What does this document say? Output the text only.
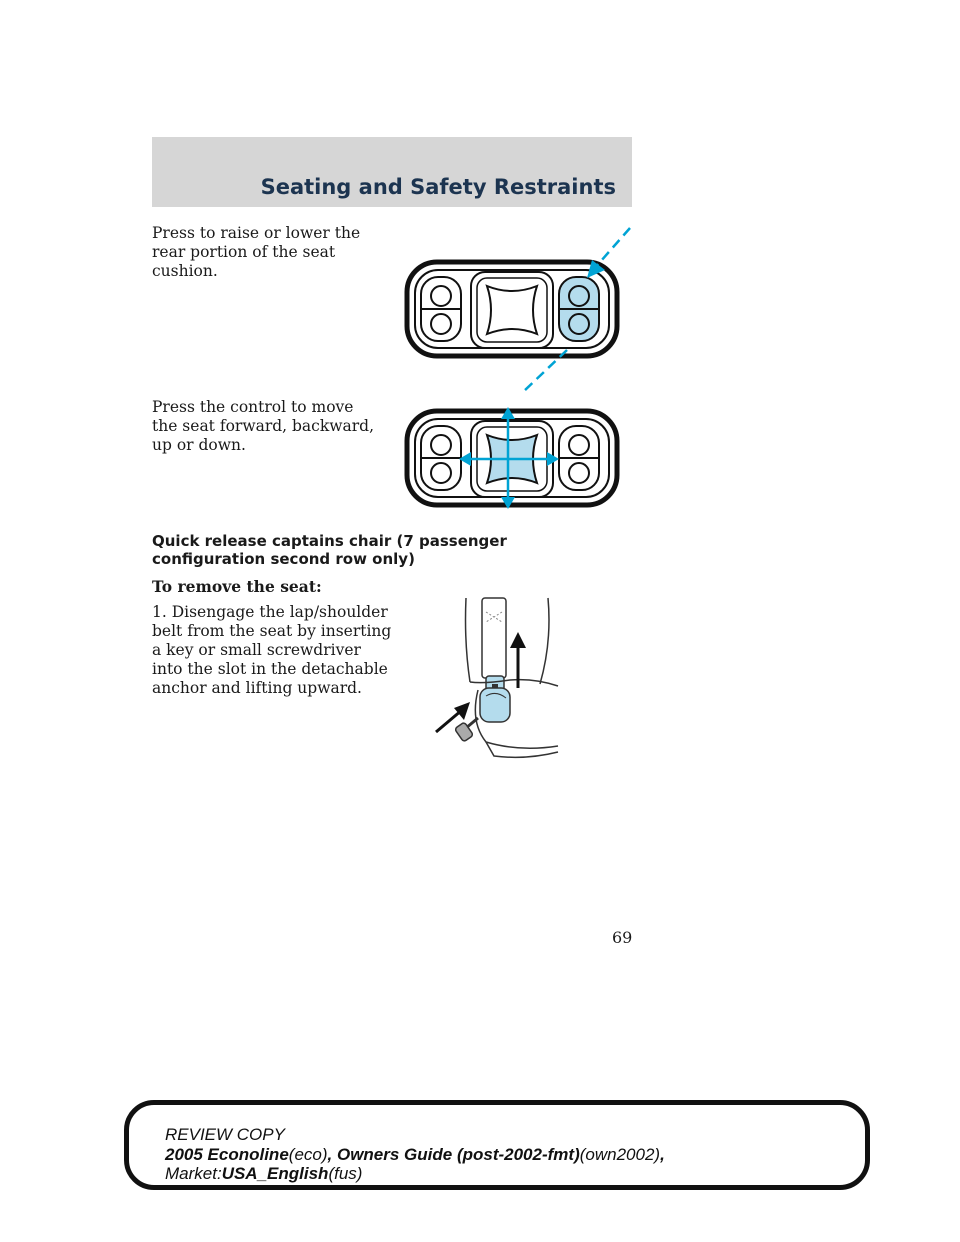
Seating and Safety Restraints
Press to raise or lower the rear portion of the seat cushion.
Press the control to move the seat forward, backward, up or down.
Quick release captains chair (7 passenger configuration second row only)
To remove the seat:
1. Disengage the lap/shoulder belt from the seat by inserting a key or small screwdriver into the slot in the detachable anchor and lifting upward.
69
REVIEW COPY
2005 Econoline(eco), Owners Guide (post-2002-fmt)(own2002),
Market:USA_English(fus)
